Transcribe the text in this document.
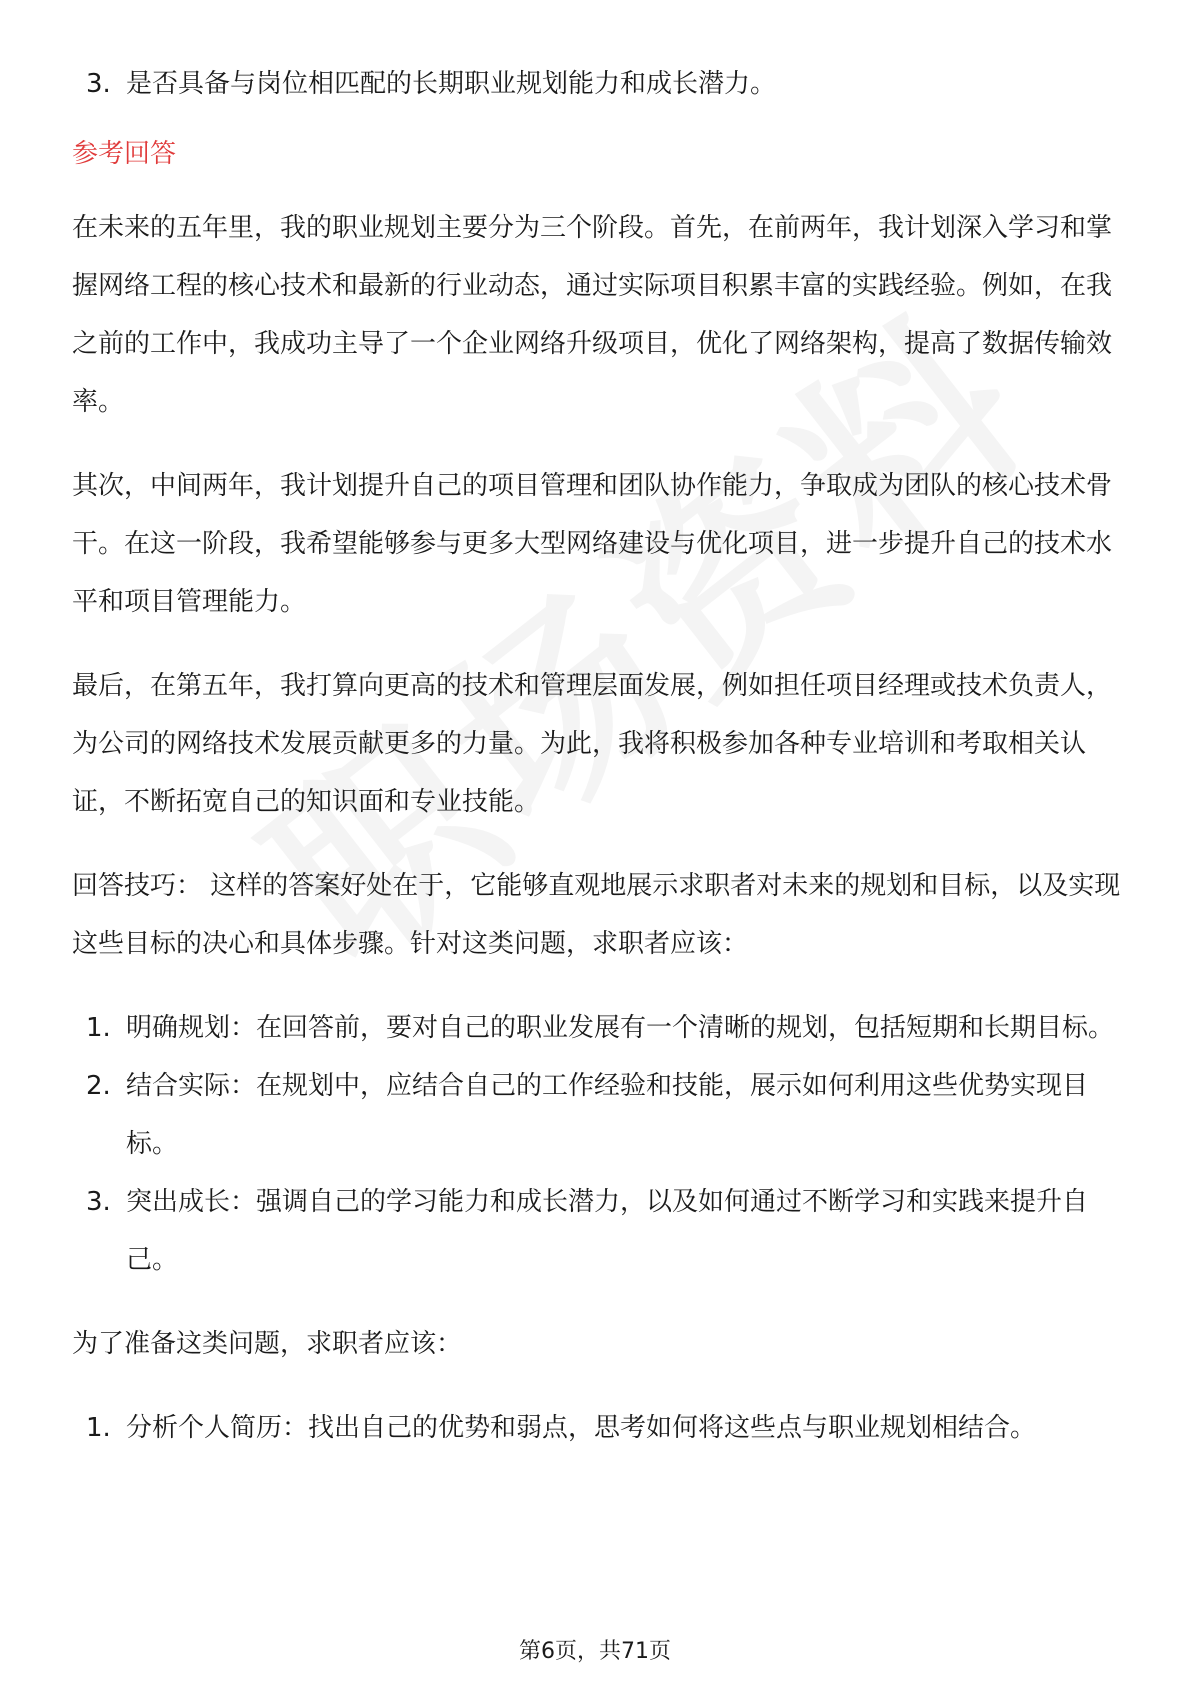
3. 是否具备与岗位相匹配的长期职业规划能力和成长潜力。
参考回答
在未来的五年里，我的职业规划主要分为三个阶段。首先，在前两年，我计划深入学习和掌握网络工程的核心技术和最新的行业动态，通过实际项目积累丰富的实践经验。例如，在我之前的工作中，我成功主导了一个企业网络升级项目，优化了网络架构，提高了数据传输效率。
其次，中间两年，我计划提升自己的项目管理和团队协作能力，争取成为团队的核心技术骨干。在这一阶段，我希望能够参与更多大型网络建设与优化项目，进一步提升自己的技术水平和项目管理能力。
最后，在第五年，我打算向更高的技术和管理层面发展，例如担任项目经理或技术负责人，为公司的网络技术发展贡献更多的力量。为此，我将积极参加各种专业培训和考取相关认证，不断拓宽自己的知识面和专业技能。
回答技巧： 这样的答案好处在于，它能够直观地展示求职者对未来的规划和目标，以及实现这些目标的决心和具体步骤。针对这类问题，求职者应该：
1. 明确规划：在回答前，要对自己的职业发展有一个清晰的规划，包括短期和长期目标。
2. 结合实际：在规划中，应结合自己的工作经验和技能，展示如何利用这些优势实现目标。
3. 突出成长：强调自己的学习能力和成长潜力，以及如何通过不断学习和实践来提升自己。
为了准备这类问题，求职者应该：
1. 分析个人简历：找出自己的优势和弱点，思考如何将这些点与职业规划相结合。
第6页，共71页
